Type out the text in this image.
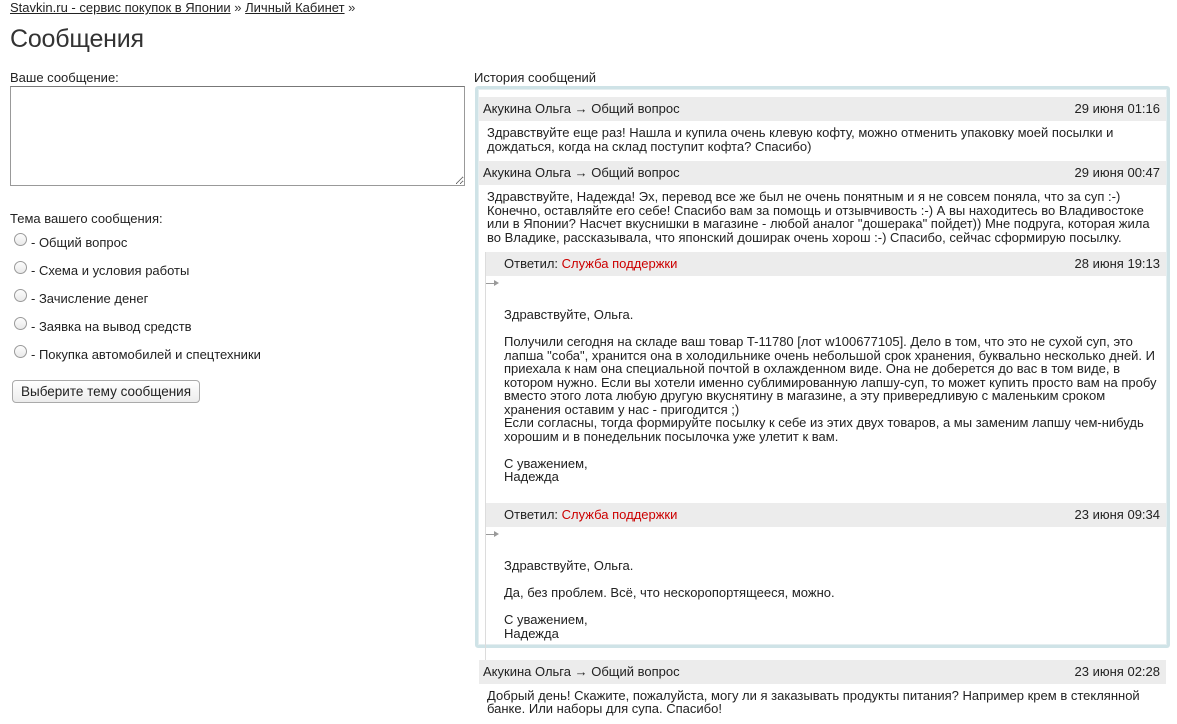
Stavkin.ru - сервис покупок в Японии » Личный Кабинет »
Сообщения
Ваше сообщение:
Тема вашего сообщения:
- Общий вопрос
- Схема и условия работы
- Зачисление денег
- Заявка на вывод средств
- Покупка автомобилей и спецтехники
Выберите тему сообщения
История сообщений
Акукина Ольга → Общий вопрос	29 июня 01:16
Здравствуйте еще раз! Нашла и купила очень клевую кофту, можно отменить упаковку моей посылки и
дождаться, когда на склад поступит кофта? Спасибо)
Акукина Ольга → Общий вопрос	29 июня 00:47
Здравствуйте, Надежда! Эх, перевод все же был не очень понятным и я не совсем поняла, что за суп :-)
Конечно, оставляйте его себе! Спасибо вам за помощь и отзывчивость :-) А вы находитесь во Владивостоке
или в Японии? Насчет вкуснишки в магазине - любой аналог "дошерака" пойдет)) Мне подруга, которая жила
во Владике, рассказывала, что японский доширак очень хорош :-) Спасибо, сейчас сформирую посылку.
Ответил: Служба поддержки	28 июня 19:13

Здравствуйте, Ольга.

Получили сегодня на складе ваш товар T-11780 [лот w100677105]. Дело в том, что это не сухой суп, это
лапша "соба", хранится она в холодильнике очень небольшой срок хранения, буквально несколько дней. И
приехала к нам она специальной почтой в охлажденном виде. Она не доберется до вас в том виде, в
котором нужно. Если вы хотели именно сублимированную лапшу-суп, то может купить просто вам на пробу
вместо этого лота любую другую вкуснятину в магазине, а эту привередливую с маленьким сроком
хранения оставим у нас - пригодится ;)
Если согласны, тогда формируйте посылку к себе из этих двух товаров, а мы заменим лапшу чем-нибудь
хорошим и в понедельник посылочка уже улетит к вам.

С уважением,
Надежда

Ответил: Служба поддержки	23 июня 09:34

Здравствуйте, Ольга.

Да, без проблем. Всё, что нескоропортящееся, можно.

С уважением,
Надежда

Акукина Ольга → Общий вопрос	23 июня 02:28
Добрый день! Скажите, пожалуйста, могу ли я заказывать продукты питания? Например крем в стеклянной
банке. Или наборы для супа. Спасибо!
